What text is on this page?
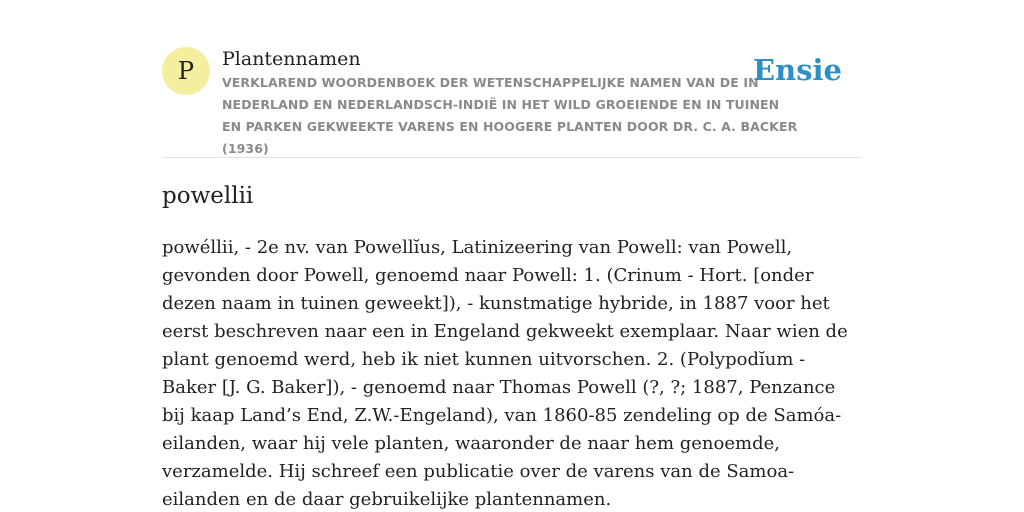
P Plantennamen
VERKLAREND WOORDENBOEK DER WETENSCHAPPELIJKE NAMEN VAN DE IN NEDERLAND EN NEDERLANDSCH-INDIË IN HET WILD GROEIENDE EN IN TUINEN EN PARKEN GEKWEEKTE VARENS EN HOOGERE PLANTEN DOOR DR. C. A. BACKER (1936)
Ensie
powellii

powéllii, - 2e nv. van Powellĭus, Latinizeering van Powell: van Powell, gevonden door Powell, genoemd naar Powell: 1. (Crinum - Hort. [onder dezen naam in tuinen geweekt]), - kunstmatige hybride, in 1887 voor het eerst beschreven naar een in Engeland gekweekt exemplaar. Naar wien de plant genoemd werd, heb ik niet kunnen uitvorschen. 2. (Polypodĭum - Baker [J. G. Baker]), - genoemd naar Thomas Powell (?, ?; 1887, Penzance bij kaap Land’s End, Z.W.-Engeland), van 1860-85 zendeling op de Samóa-eilanden, waar hij vele planten, waaronder de naar hem genoemde, verzamelde. Hij schreef een publicatie over de varens van de Samoa-eilanden en de daar gebruikelijke plantennamen.
